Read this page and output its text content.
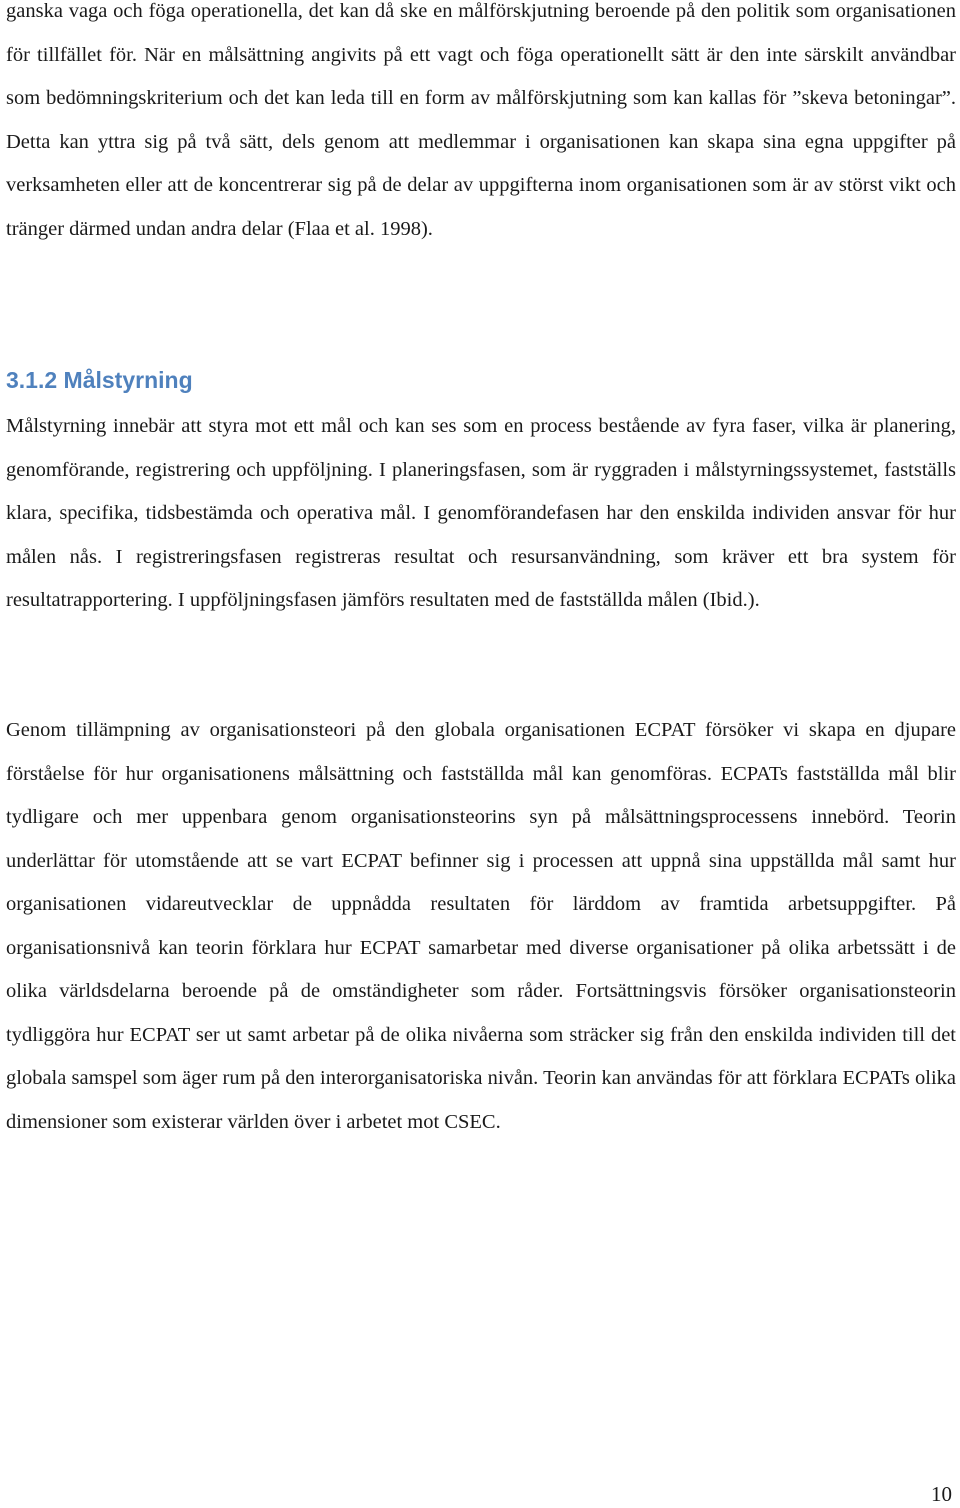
ganska vaga och föga operationella, det kan då ske en målförskjutning beroende på den politik som organisationen för tillfället för. När en målsättning angivits på ett vagt och föga operationellt sätt är den inte särskilt användbar som bedömningskriterium och det kan leda till en form av målförskjutning som kan kallas för ”skeva betoningar”. Detta kan yttra sig på två sätt, dels genom att medlemmar i organisationen kan skapa sina egna uppgifter på verksamheten eller att de koncentrerar sig på de delar av uppgifterna inom organisationen som är av störst vikt och tränger därmed undan andra delar (Flaa et al. 1998).

3.1.2 Målstyrning

Målstyrning innebär att styra mot ett mål och kan ses som en process bestående av fyra faser, vilka är planering, genomförande, registrering och uppföljning. I planeringsfasen, som är ryggraden i målstyrningssystemet, fastställs klara, specifika, tidsbestämda och operativa mål. I genomförandefasen har den enskilda individen ansvar för hur målen nås. I registreringsfasen registreras resultat och resursanvändning, som kräver ett bra system för resultatrapportering. I uppföljningsfasen jämförs resultaten med de fastställda målen (Ibid.).

Genom tillämpning av organisationsteori på den globala organisationen ECPAT försöker vi skapa en djupare förståelse för hur organisationens målsättning och fastställda mål kan genomföras. ECPATs fastställda mål blir tydligare och mer uppenbara genom organisationsteorins syn på målsättningsprocessens innebörd. Teorin underlättar för utomstående att se vart ECPAT befinner sig i processen att uppnå sina uppställda mål samt hur organisationen vidareutvecklar de uppnådda resultaten för lärddom av framtida arbetsuppgifter. På organisationsnivå kan teorin förklara hur ECPAT samarbetar med diverse organisationer på olika arbetssätt i de olika världsdelarna beroende på de omständigheter som råder. Fortsättningsvis försöker organisationsteorin tydliggöra hur ECPAT ser ut samt arbetar på de olika nivåerna som sträcker sig från den enskilda individen till det globala samspel som äger rum på den interorganisatoriska nivån. Teorin kan användas för att förklara ECPATs olika dimensioner som existerar världen över i arbetet mot CSEC.

10
